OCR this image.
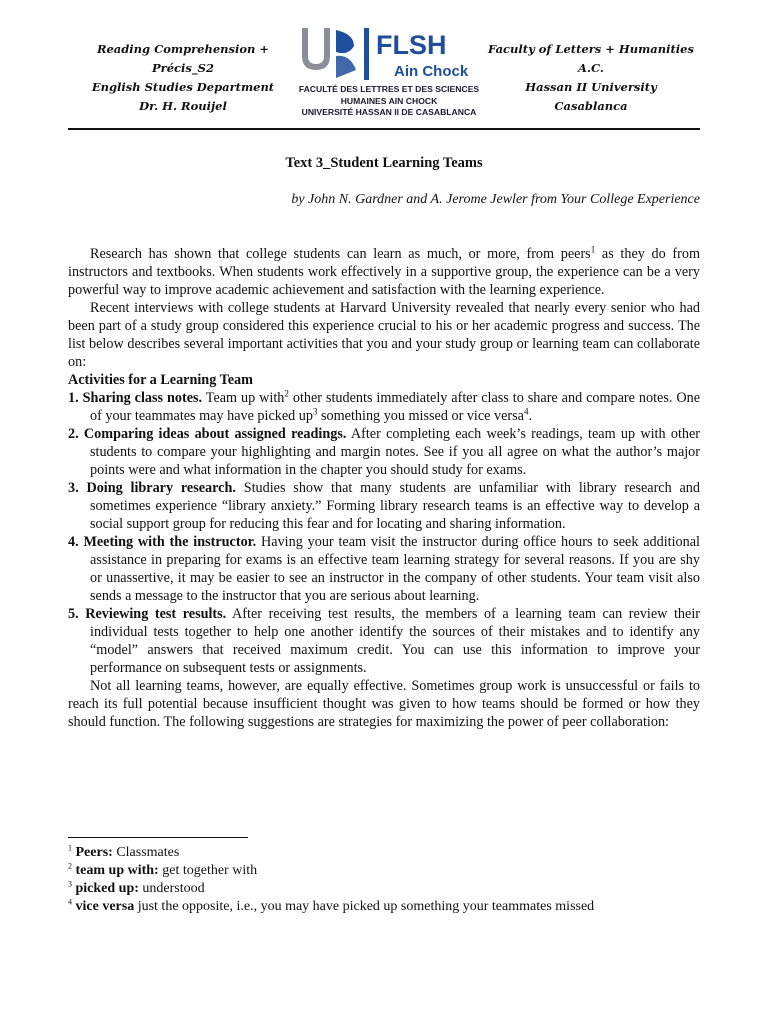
Reading Comprehension + Précis_S2
English Studies Department
Dr. H. Rouijel
FLSH
Ain Chock
FACULTÉ DES LETTRES ET DES SCIENCES
HUMAINES AIN CHOCK
UNIVERSITÉ HASSAN II DE CASABLANCA
Faculty of Letters + Humanities A.C.
Hassan II University
Casablanca
Text 3_Student Learning Teams
by John N. Gardner and A. Jerome Jewler from Your College Experience

Research has shown that college students can learn as much, or more, from peers$^1$ as they do from instructors and textbooks. When students work effectively in a supportive group, the experience can be a very powerful way to improve academic achievement and satisfaction with the learning experience.

Recent interviews with college students at Harvard University revealed that nearly every senior who had been part of a study group considered this experience crucial to his or her academic progress and success. The list below describes several important activities that you and your study group or learning team can collaborate on:

Activities for a Learning Team
1. Sharing class notes. Team up with$^2$ other students immediately after class to share and compare notes. One of your teammates may have picked $up^3$ something you missed or vice versa$^4$.
2. Comparing ideas about assigned readings. After completing each week’s readings, team up with other students to compare your highlighting and margin notes. See if you all agree on what the author’s major points were and what information in the chapter you should study for exams.
3. Doing library research. Studies show that many students are unfamiliar with library research and sometimes experience “library anxiety.” Forming library research teams is an effective way to develop a social support group for reducing this fear and for locating and sharing information.
4. Meeting with the instructor. Having your team visit the instructor during office hours to seek additional assistance in preparing for exams is an effective team learning strategy for several reasons. If you are shy or unassertive, it may be easier to see an instructor in the company of other students. Your team visit also sends a message to the instructor that you are serious about learning.
5. Reviewing test results. After receiving test results, the members of a learning team can review their individual tests together to help one another identify the sources of their mistakes and to identify any “model” answers that received maximum credit. You can use this information to improve your performance on subsequent tests or assignments.

Not all learning teams, however, are equally effective. Sometimes group work is unsuccessful or fails to reach its full potential because insufficient thought was given to how teams should be formed or how they should function. The following suggestions are strategies for maximizing the power of peer collaboration:

$^1$ Peers: Classmates
$^2$ team up with: get together with
$^3$ picked up: understood
$^4$ vice versa just the opposite, i.e., you may have picked up something your teammates missed
